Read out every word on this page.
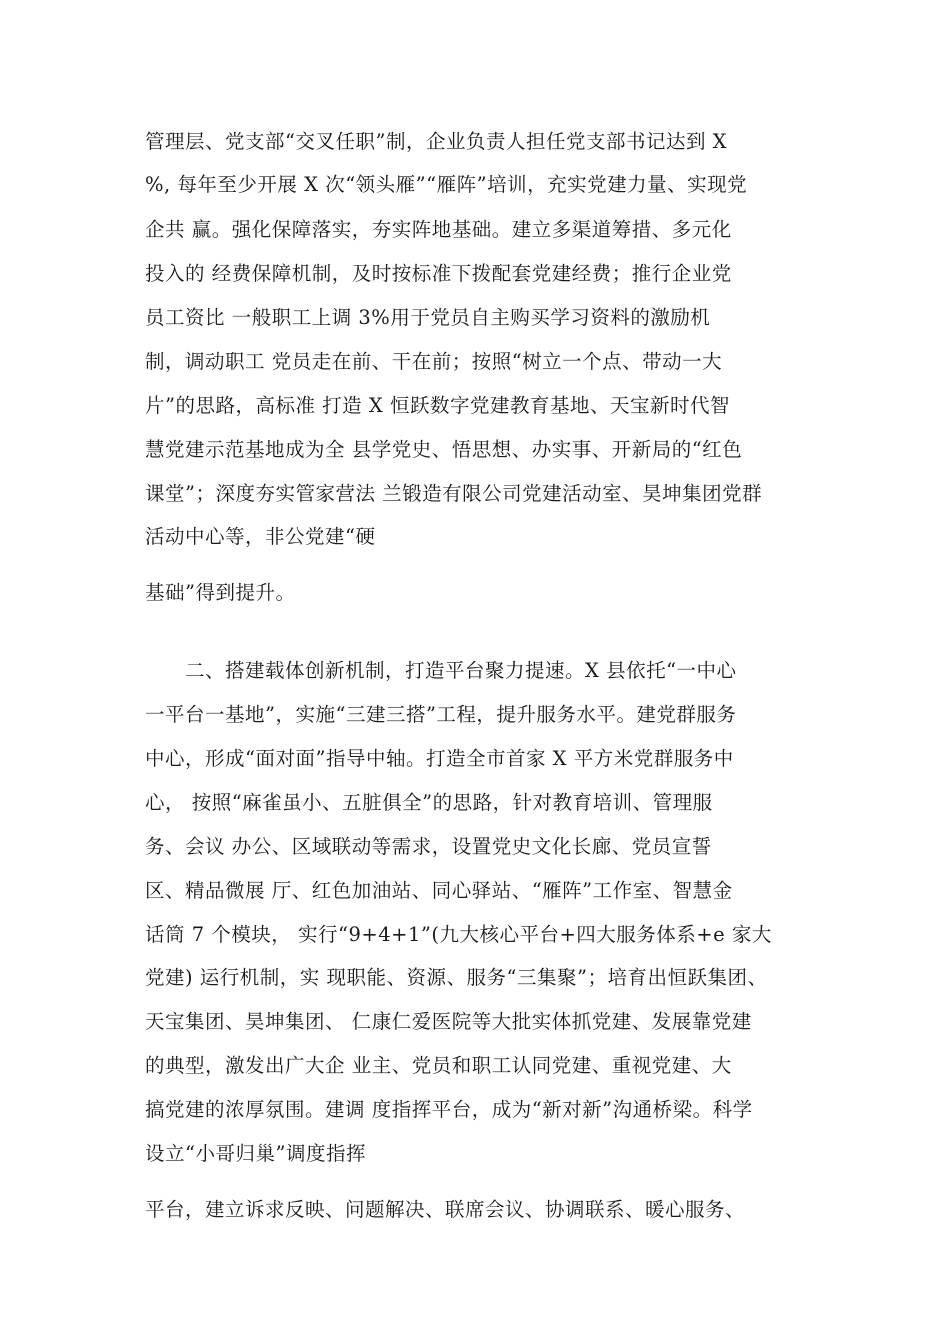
管理层、党支部“交叉任职”制，企业负责人担任党支部书记达到 X
%, 每年至少开展 X 次“领头雁”“雁阵”培训，充实党建力量、实现党
企共 赢。强化保障落实，夯实阵地基础。建立多渠道筹措、多元化
投入的 经费保障机制，及时按标准下拨配套党建经费；推行企业党
员工资比 一般职工上调 3%用于党员自主购买学习资料的激励机
制，调动职工 党员走在前、干在前；按照“树立一个点、带动一大
片”的思路，高标准 打造 X 恒跃数字党建教育基地、天宝新时代智
慧党建示范基地成为全 县学党史、悟思想、办实事、开新局的“红色
课堂”；深度夯实管家营法 兰锻造有限公司党建活动室、昊坤集团党群
活动中心等，非公党建“硬
基础”得到提升。
二、搭建载体创新机制，打造平台聚力提速。X 县依托“一中心
一平台一基地”，实施“三建三搭”工程，提升服务水平。建党群服务
中心，形成“面对面”指导中轴。打造全市首家 X 平方米党群服务中
心， 按照“麻雀虽小、五脏俱全”的思路，针对教育培训、管理服
务、会议 办公、区域联动等需求，设置党史文化长廊、党员宣誓
区、精品微展 厅、红色加油站、同心驿站、“雁阵”工作室、智慧金
话筒 7 个模块， 实行“9+4+1”(九大核心平台+四大服务体系+e 家大
党建) 运行机制，实 现职能、资源、服务“三集聚”；培育出恒跃集团、
天宝集团、昊坤集团、 仁康仁爱医院等大批实体抓党建、发展靠党建
的典型，激发出广大企 业主、党员和职工认同党建、重视党建、大
搞党建的浓厚氛围。建调 度指挥平台，成为“新对新”沟通桥梁。科学
设立“小哥归巢”调度指挥
平台，建立诉求反映、问题解决、联席会议、协调联系、暖心服务、
